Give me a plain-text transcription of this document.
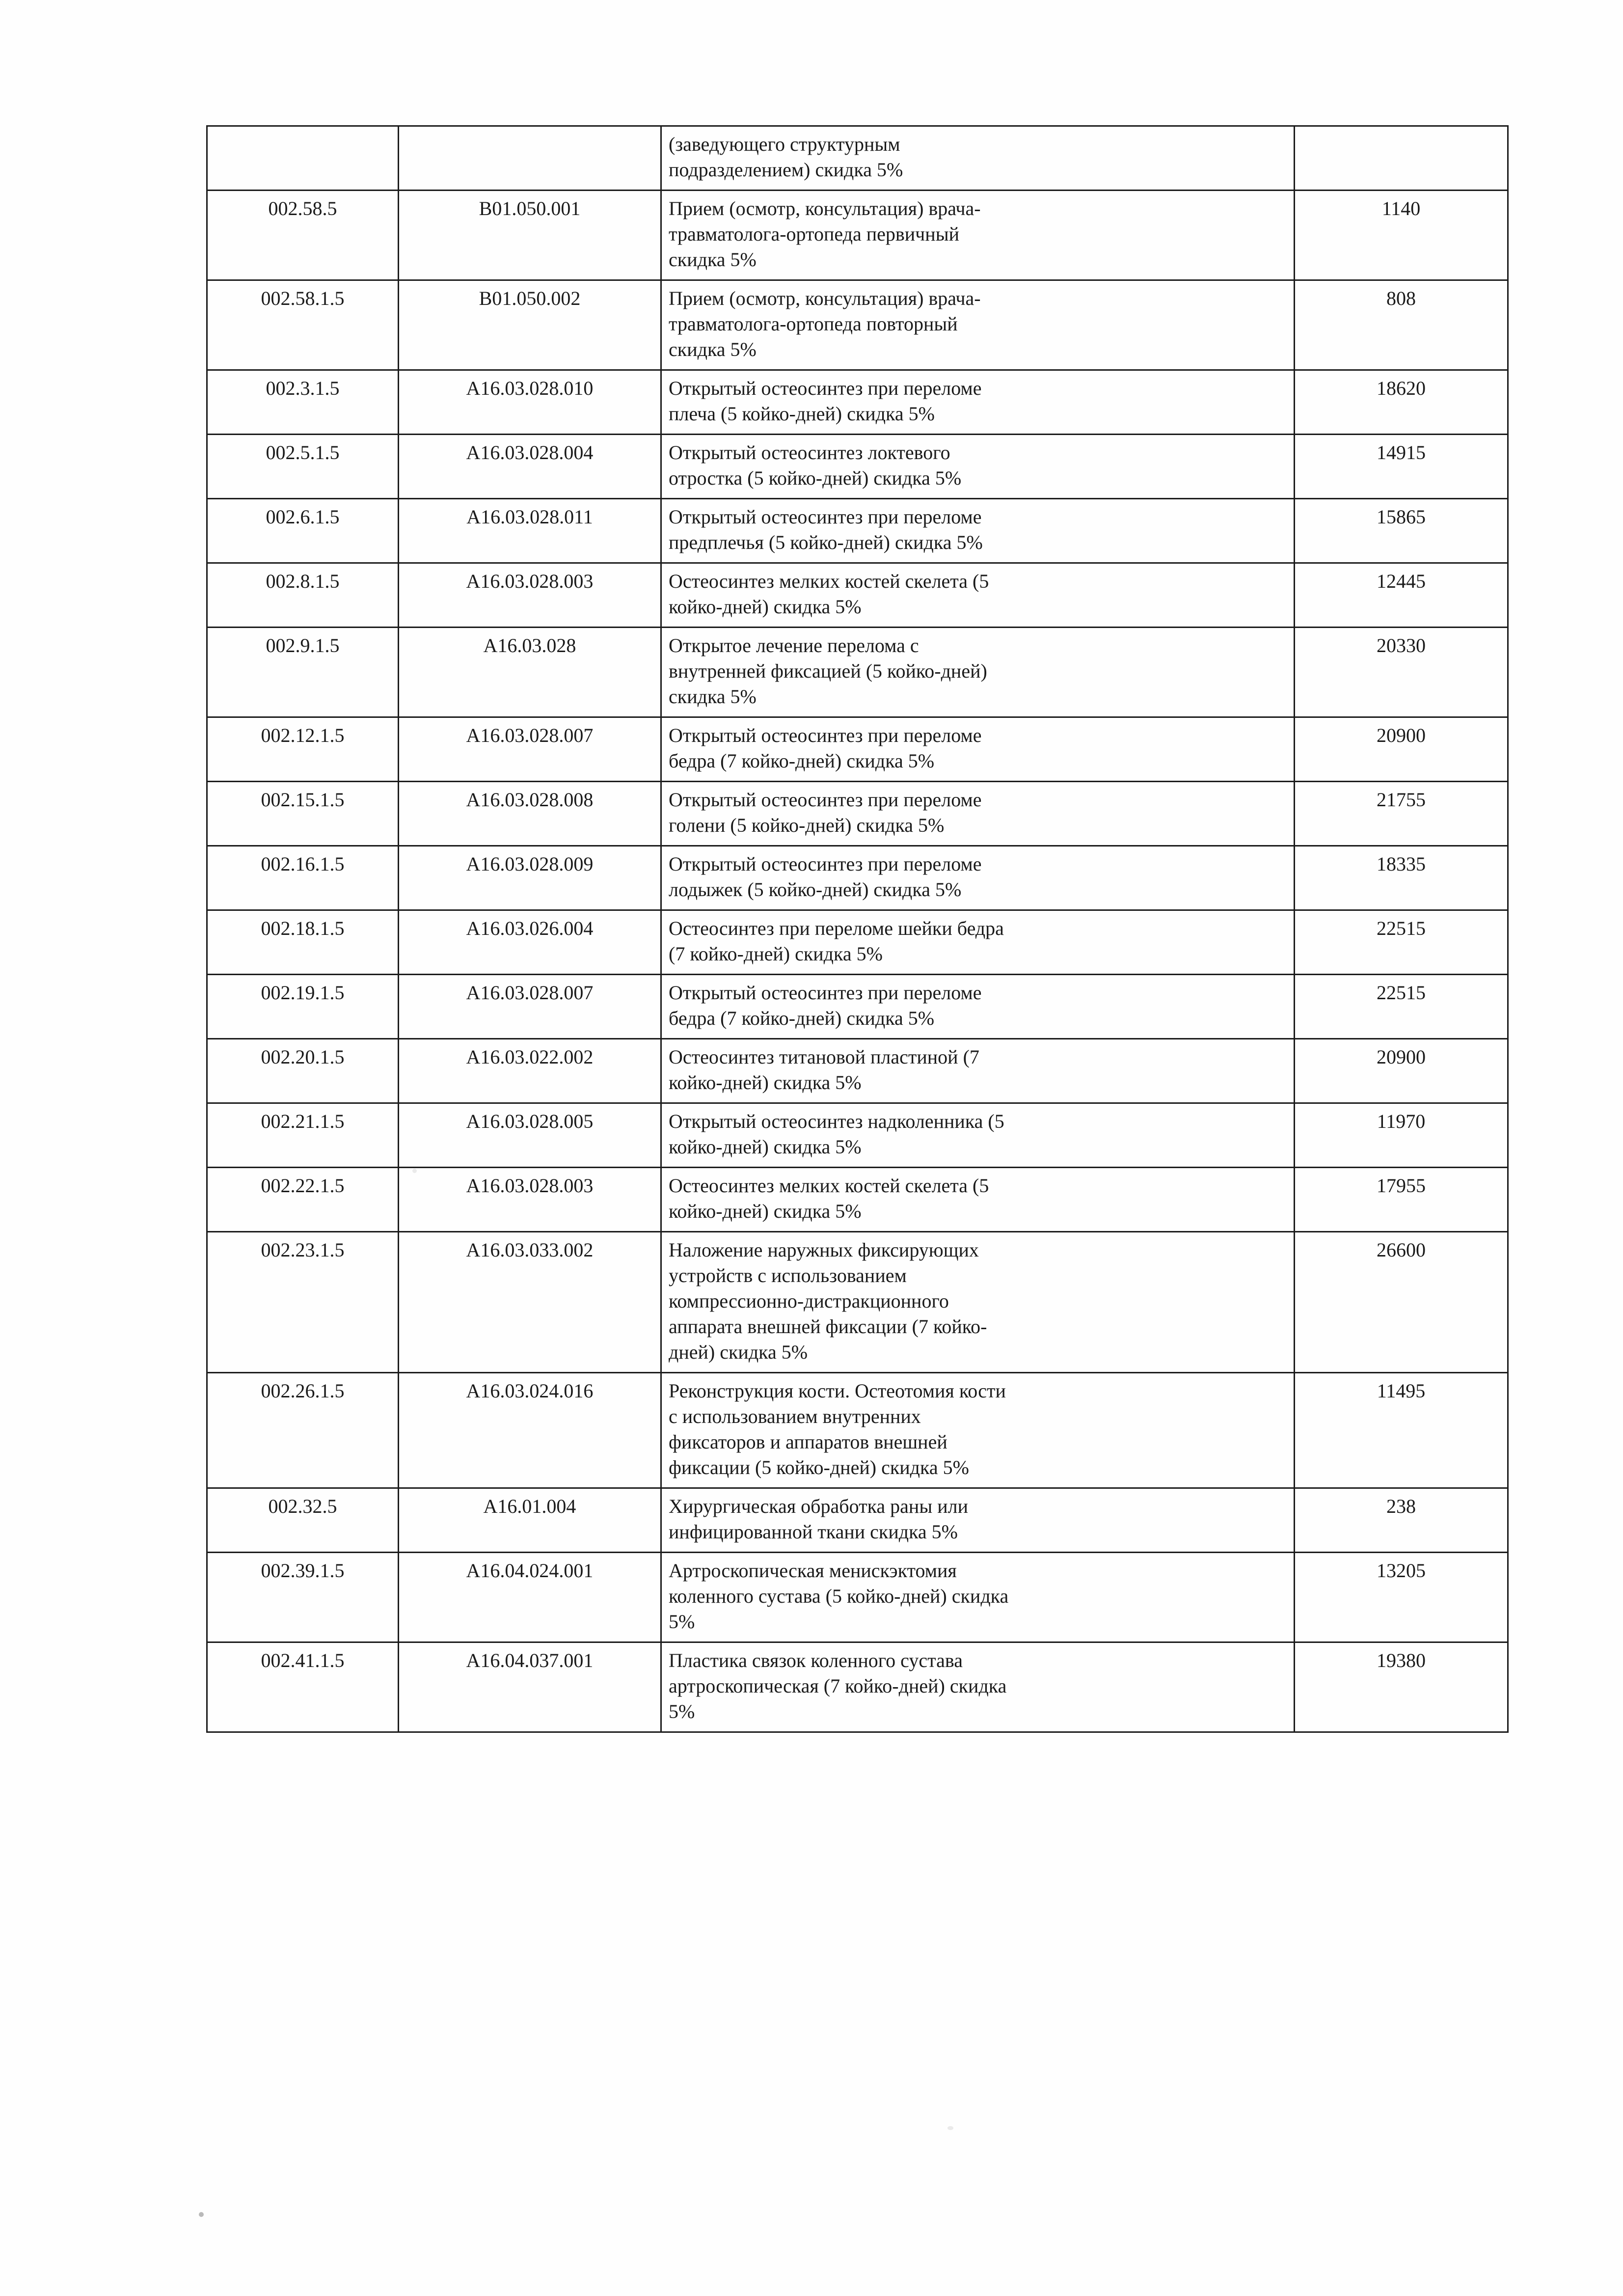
		(заведующего структурным

подразделением) скидка 5%	

002.58.5	B01.050.001	Прием (осмотр, консультация) врача-

травматолога-ортопеда первичный

скидка 5%	1140
002.58.1.5	B01.050.002	Прием (осмотр, консультация) врача-

травматолога-ортопеда повторный

скидка 5%	808
002.3.1.5	A16.03.028.010	Открытый остеосинтез при переломе

плеча (5 койко-дней) скидка 5%	18620
002.5.1.5	A16.03.028.004	Открытый остеосинтез локтевого

отростка (5 койко-дней) скидка 5%	14915
002.6.1.5	A16.03.028.011	Открытый остеосинтез при переломе

предплечья (5 койко-дней) скидка 5%	15865
002.8.1.5	A16.03.028.003	Остеосинтез мелких костей скелета (5

койко-дней) скидка 5%	12445
002.9.1.5	A16.03.028	Открытое лечение перелома с

внутренней фиксацией (5 койко-дней)

скидка 5%	20330
002.12.1.5	A16.03.028.007	Открытый остеосинтез при переломе

бедра (7 койко-дней) скидка 5%	20900
002.15.1.5	A16.03.028.008	Открытый остеосинтез при переломе

голени (5 койко-дней) скидка 5%	21755
002.16.1.5	A16.03.028.009	Открытый остеосинтез при переломе

лодыжек (5 койко-дней) скидка 5%	18335
002.18.1.5	A16.03.026.004	Остеосинтез при переломе шейки бедра

(7 койко-дней) скидка 5%	22515
002.19.1.5	A16.03.028.007	Открытый остеосинтез при переломе

бедра (7 койко-дней) скидка 5%	22515
002.20.1.5	A16.03.022.002	Остеосинтез титановой пластиной (7

койко-дней) скидка 5%	20900
002.21.1.5	A16.03.028.005	Открытый остеосинтез надколенника (5

койко-дней) скидка 5%	11970
002.22.1.5	A16.03.028.003	Остеосинтез мелких костей скелета (5

койко-дней) скидка 5%	17955
002.23.1.5	A16.03.033.002	Наложение наружных фиксирующих

устройств с использованием

компрессионно-дистракционного

аппарата внешней фиксации (7 койко-

дней) скидка 5%	26600
002.26.1.5	A16.03.024.016	Реконструкция кости. Остеотомия кости

с использованием внутренних

фиксаторов и аппаратов внешней

фиксации (5 койко-дней) скидка 5%	11495
002.32.5	A16.01.004	Хирургическая обработка раны или

инфицированной ткани скидка 5%	238
002.39.1.5	A16.04.024.001	Артроскопическая менискэктомия

коленного сустава (5 койко-дней) скидка

5%	13205
002.41.1.5	A16.04.037.001	Пластика связок коленного сустава

артроскопическая (7 койко-дней) скидка

5%	19380
